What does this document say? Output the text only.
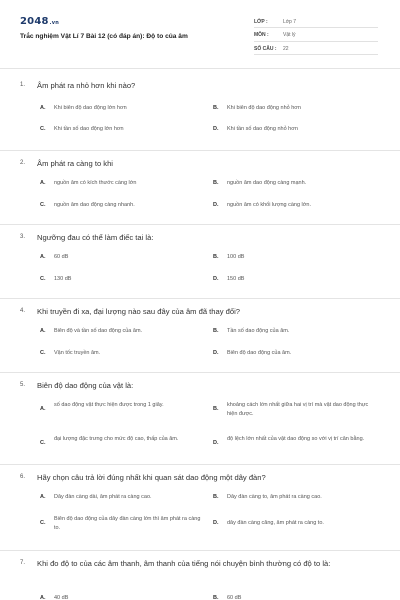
2048.vn
Trắc nghiệm Vật Lí 7 Bài 12 (có đáp án): Độ to của âm
LỚP :	Lớp 7
MÔN :	Vật lý
SỐ CÂU :	22
1. Âm phát ra nhỏ hơn khi nào?
A. Khi biên độ dao động lớn hơn	B. Khi biên độ dao động nhỏ hơn
C. Khi tần số dao động lớn hơn	D. Khi tần số dao động nhỏ hơn
2. Âm phát ra càng to khi
A. nguồn âm có kích thước càng lớn	B. nguồn âm dao động càng mạnh.
C. nguồn âm dao động càng nhanh.	D. nguồn âm có khối lượng càng lớn.
3. Ngưỡng đau có thể làm điếc tai là:
A. 60 dB	B. 100 dB
C. 130 dB	D. 150 dB
4. Khi truyền đi xa, đại lượng nào sau đây của âm đã thay đổi?
A. Biên độ và tần số dao động của âm.	B. Tần số dao động của âm.
C. Vận tốc truyền âm.	D. Biên độ dao động của âm.
5. Biên độ dao động của vật là:
A.
số dao động vật thực hiện được trong 1 giây.
B.
khoảng cách lớn nhất giữa hai vị trí mà vật dao động thực hiện được.
C.
đại lượng đặc trưng cho mức độ cao, thấp của âm.
D.
độ lệch lớn nhất của vật dao động so với vị trí cân bằng.
6. Hãy chọn câu trả lời đúng nhất khi quan sát dao động một dây đàn?
A. Dây đàn càng dài, âm phát ra càng cao.	B. Dây đàn càng to, âm phát ra càng cao.
C.
Biên độ dao động của dây đàn càng lớn thì âm phát ra càng to.
D. dây đàn càng căng, âm phát ra càng to.
7. Khi đo độ to của các âm thanh, âm thanh của tiếng nói chuyện bình thường có độ to là:
A. 40 dB	B. 60 dB
